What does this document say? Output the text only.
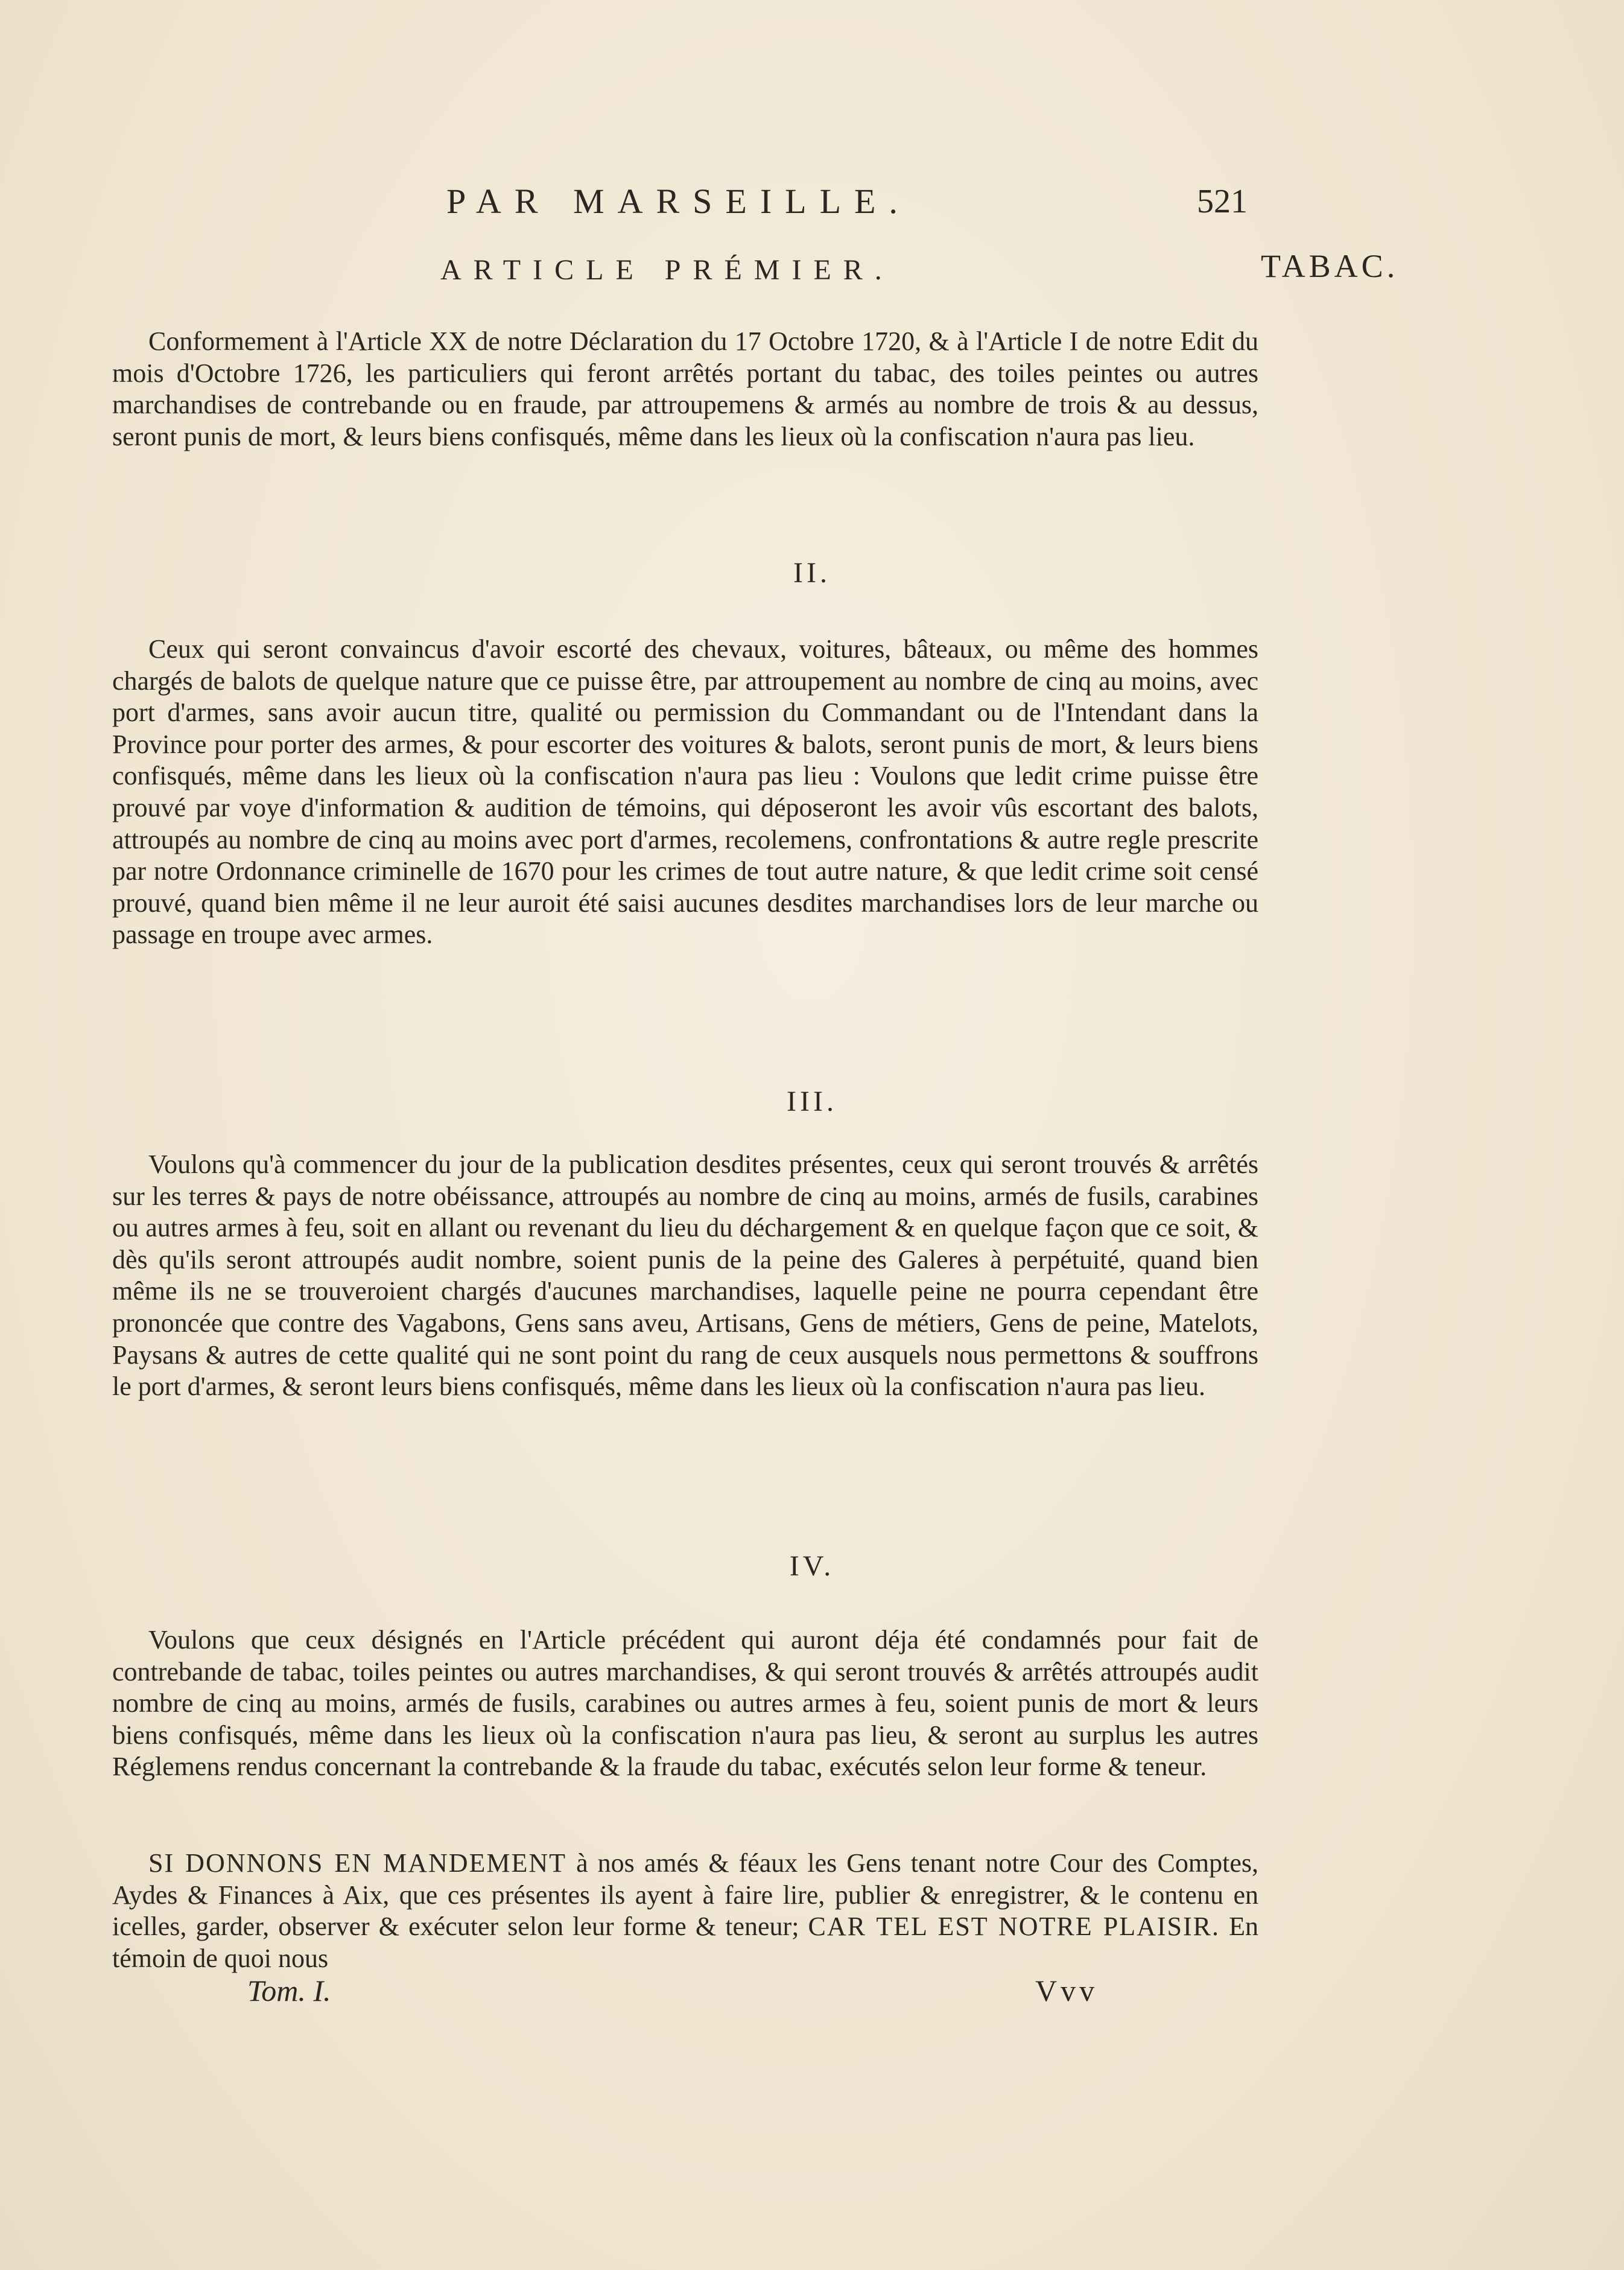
PAR MARSEILLE.	521
TABAC.
ARTICLE PRÉMIER.

Conformement à l'Article XX de notre Déclaration du 17 Octobre 1720, & à l'Article I de notre Edit du mois d'Octobre 1726, les particuliers qui feront arrêtés portant du tabac, des toiles peintes ou autres marchandises de contrebande ou en fraude, par attroupemens & armés au nombre de trois & au dessus, seront punis de mort, & leurs biens confisqués, même dans les lieux où la confiscation n'aura pas lieu.

II.

Ceux qui seront convaincus d'avoir escorté des chevaux, voitures, bâteaux, ou même des hommes chargés de balots de quelque nature que ce puisse être, par attroupement au nombre de cinq au moins, avec port d'armes, sans avoir aucun titre, qualité ou permission du Commandant ou de l'Intendant dans la Province pour porter des armes, & pour escorter des voitures & balots, seront punis de mort, & leurs biens confisqués, même dans les lieux où la confiscation n'aura pas lieu : Voulons que ledit crime puisse être prouvé par voye d'information & audition de témoins, qui déposeront les avoir vûs escortant des balots, attroupés au nombre de cinq au moins avec port d'armes, recolemens, confrontations & autre regle prescrite par notre Ordonnance criminelle de 1670 pour les crimes de tout autre nature, & que ledit crime soit censé prouvé, quand bien même il ne leur auroit été saisi aucunes desdites marchandises lors de leur marche ou passage en troupe avec armes.

III.

Voulons qu'à commencer du jour de la publication desdites présentes, ceux qui seront trouvés & arrêtés sur les terres & pays de notre obéissance, attroupés au nombre de cinq au moins, armés de fusils, carabines ou autres armes à feu, soit en allant ou revenant du lieu du déchargement & en quelque façon que ce soit, & dès qu'ils seront attroupés audit nombre, soient punis de la peine des Galeres à perpétuité, quand bien même ils ne se trouveroient chargés d'aucunes marchandises, laquelle peine ne pourra cependant être prononcée que contre des Vagabons, Gens sans aveu, Artisans, Gens de métiers, Gens de peine, Matelots, Paysans & autres de cette qualité qui ne sont point du rang de ceux ausquels nous permettons & souffrons le port d'armes, & seront leurs biens confisqués, même dans les lieux où la confiscation n'aura pas lieu.

IV.

Voulons que ceux désignés en l'Article précédent qui auront déja été condamnés pour fait de contrebande de tabac, toiles peintes ou autres marchandises, & qui seront trouvés & arrêtés attroupés audit nombre de cinq au moins, armés de fusils, carabines ou autres armes à feu, soient punis de mort & leurs biens confisqués, même dans les lieux où la confiscation n'aura pas lieu, & seront au surplus les autres Réglemens rendus concernant la contrebande & la fraude du tabac, exécutés selon leur forme & teneur.

SI DONNONS EN MANDEMENT à nos amés & féaux les Gens tenant notre Cour des Comptes, Aydes & Finances à Aix, que ces présentes ils ayent à faire lire, publier & enregistrer, & le contenu en icelles, garder, observer & exécuter selon leur forme & teneur; CAR TEL EST NOTRE PLAISIR. En témoin de quoi nous

Tom. I.	Vvv
